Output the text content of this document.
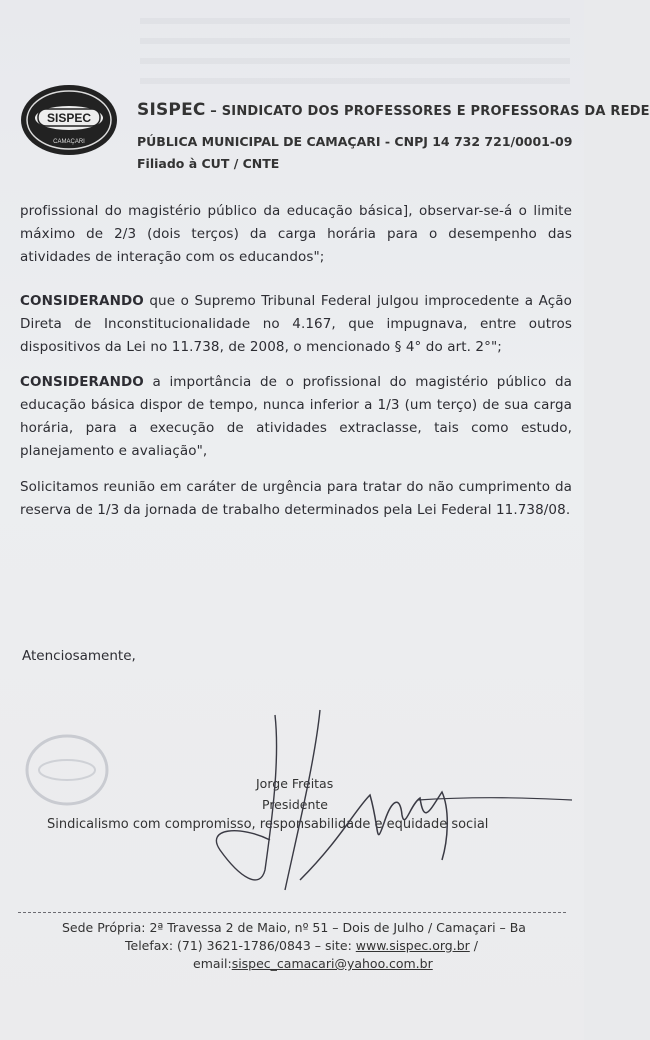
SISPEC
CAMAÇARI
SISPEC – SINDICATO DOS PROFESSORES E PROFESSORAS DA REDE
PÚBLICA MUNICIPAL DE CAMAÇARI - CNPJ 14 732 721/0001-09
Filiado à CUT / CNTE
profissional do magistério público da educação básica], observar-se-á o limite máximo de 2/3 (dois terços) da carga horária para o desempenho das atividades de interação com os educandos";
CONSIDERANDO que o Supremo Tribunal Federal julgou improcedente a Ação Direta de Inconstitucionalidade no 4.167, que impugnava, entre outros dispositivos da Lei no 11.738, de 2008, o mencionado § 4° do art. 2°";
CONSIDERANDO a importância de o profissional do magistério público da educação básica dispor de tempo, nunca inferior a 1/3 (um terço) de sua carga horária, para a execução de atividades extraclasse, tais como estudo, planejamento e avaliação",
Solicitamos reunião em caráter de urgência para tratar do não cumprimento da reserva de 1/3 da jornada de trabalho determinados pela Lei Federal 11.738/08.
Atenciosamente,
Jorge Freitas
Presidente
Sindicalismo com compromisso, responsabilidade e equidade social
Sede Própria: 2ª Travessa 2 de Maio, nº 51 – Dois de Julho / Camaçari – Ba
Telefax: (71) 3621-1786/0843 – site: www.sispec.org.br /
email:sispec_camacari@yahoo.com.br
